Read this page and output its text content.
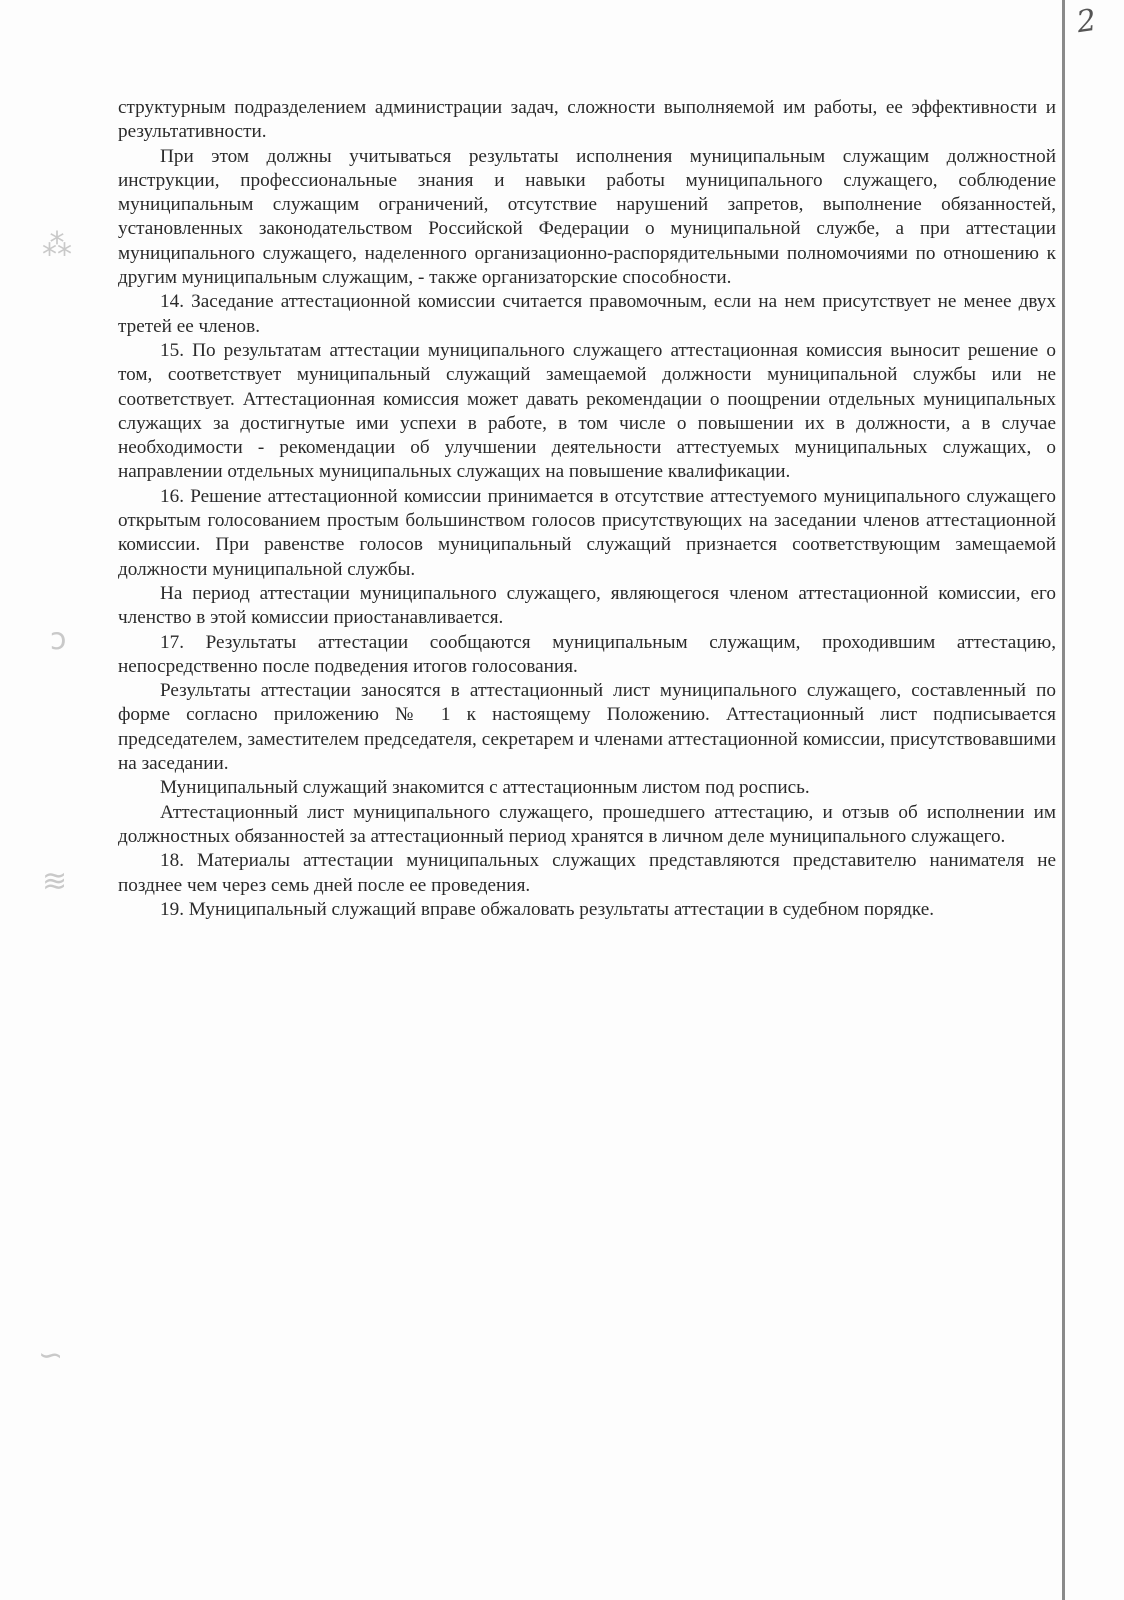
2
⁂
ↄ
≋
∽

структурным подразделением администрации задач, сложности выполняемой им работы, ее эффективности и результативности.

При этом должны учитываться результаты исполнения муниципальным служащим должностной инструкции, профессиональные знания и навыки работы муниципального служащего, соблюдение муниципальным служащим ограничений, отсутствие нарушений запретов, выполнение обязанностей, установленных законодательством Российской Федерации о муниципальной службе, а при аттестации муниципального служащего, наделенного организационно-распорядительными полномочиями по отношению к другим муниципальным служащим, - также организаторские способности.

14. Заседание аттестационной комиссии считается правомочным, если на нем присутствует не менее двух третей ее членов.

15. По результатам аттестации муниципального служащего аттестационная комиссия выносит решение о том, соответствует муниципальный служащий замещаемой должности муниципальной службы или не соответствует. Аттестационная комиссия может давать рекомендации о поощрении отдельных муниципальных служащих за достигнутые ими успехи в работе, в том числе о повышении их в должности, а в случае необходимости - рекомендации об улучшении деятельности аттестуемых муниципальных служащих, о направлении отдельных муниципальных служащих на повышение квалификации.

16. Решение аттестационной комиссии принимается в отсутствие аттестуемого муниципального служащего открытым голосованием простым большинством голосов присутствующих на заседании членов аттестационной комиссии. При равенстве голосов муниципальный служащий признается соответствующим замещаемой должности муниципальной службы.

На период аттестации муниципального служащего, являющегося членом аттестационной комиссии, его членство в этой комиссии приостанавливается.

17. Результаты аттестации сообщаются муниципальным служащим, проходившим аттестацию, непосредственно после подведения итогов голосования.

Результаты аттестации заносятся в аттестационный лист муниципального служащего, составленный по форме согласно приложению № 1 к настоящему Положению. Аттестационный лист подписывается председателем, заместителем председателя, секретарем и членами аттестационной комиссии, присутствовавшими на заседании.

Муниципальный служащий знакомится с аттестационным листом под роспись.

Аттестационный лист муниципального служащего, прошедшего аттестацию, и отзыв об исполнении им должностных обязанностей за аттестационный период хранятся в личном деле муниципального служащего.

18. Материалы аттестации муниципальных служащих представляются представителю нанимателя не позднее чем через семь дней после ее проведения.

19. Муниципальный служащий вправе обжаловать результаты аттестации в судебном порядке.
